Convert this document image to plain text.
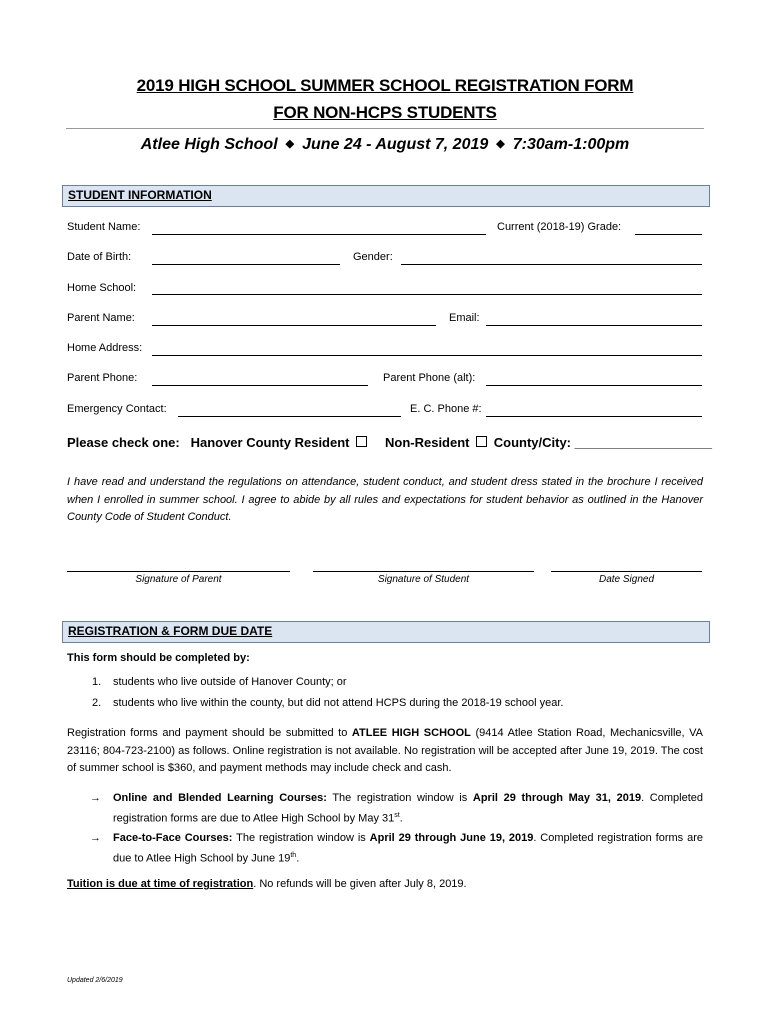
2019 HIGH SCHOOL SUMMER SCHOOL REGISTRATION FORM
FOR NON-HCPS STUDENTS
Atlee High School ◆ June 24 - August 7, 2019 ◆ 7:30am-1:00pm
STUDENT INFORMATION
Student Name:	Current (2018-19) Grade:
Date of Birth:	Gender:
Home School:
Parent Name:	Email:
Home Address:
Parent Phone:	Parent Phone (alt):
Emergency Contact:	E. C. Phone #:
Please check one: Hanover County Resident	Non-Resident County/City: ___________________
I have read and understand the regulations on attendance, student conduct, and student dress stated in the brochure I received when I enrolled in summer school. I agree to abide by all rules and expectations for student behavior as outlined in the Hanover County Code of Student Conduct.
Signature of Parent	Signature of Student	Date Signed
REGISTRATION & FORM DUE DATE
This form should be completed by:
1. students who live outside of Hanover County; or
2. students who live within the county, but did not attend HCPS during the 2018-19 school year.
Registration forms and payment should be submitted to ATLEE HIGH SCHOOL (9414 Atlee Station Road, Mechanicsville, VA 23116; 804-723-2100) as follows. Online registration is not available. No registration will be accepted after June 19, 2019. The cost of summer school is $360, and payment methods may include check and cash.
→ Online and Blended Learning Courses: The registration window is April 29 through May 31, 2019. Completed registration forms are due to Atlee High School by May 31st.
→ Face-to-Face Courses: The registration window is April 29 through June 19, 2019. Completed registration forms are due to Atlee High School by June 19th.
Tuition is due at time of registration. No refunds will be given after July 8, 2019.
Updated 2/6/2019
